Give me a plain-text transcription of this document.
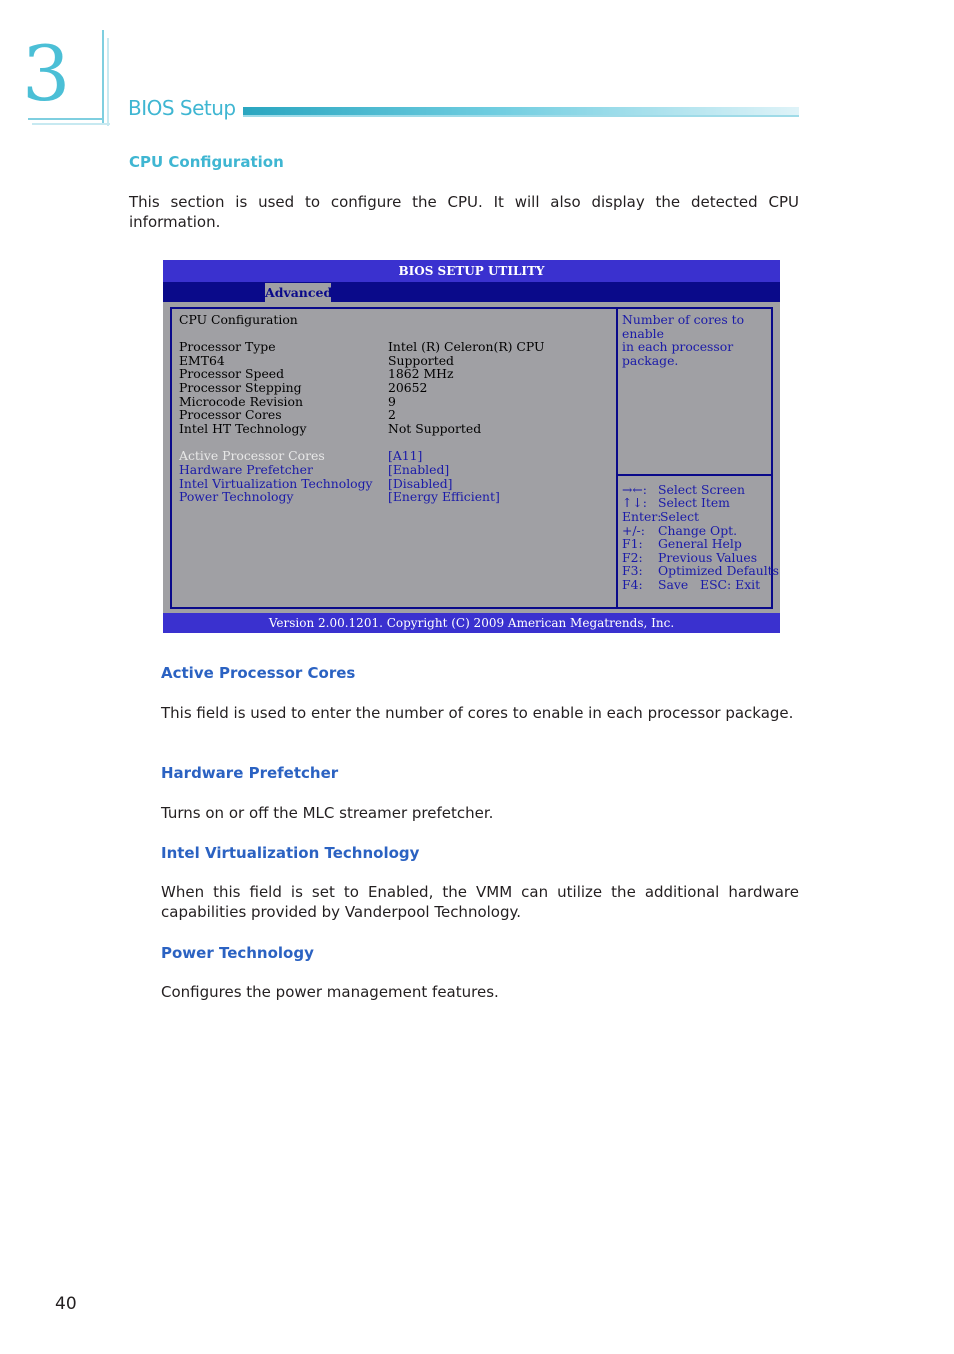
3	BIOS Setup
CPU Configuration
This section is used to configure the CPU. It will also display the detected CPU information.
BIOS SETUP UTILITY
Advanced
CPU Configuration
Processor Type	Intel (R) Celeron(R) CPU
EMT64	Supported
Processor Speed	1862 MHz
Processor Stepping	20652
Microcode Revision	9
Processor Cores	2
Intel HT Technology	Not Supported
Active Processor Cores	[A11]
Hardware Prefetcher	[Enabled]
Intel Virtualization Technology [Disabled]
Power Technology	[Energy Efficient]
Number of cores to enable
in each processor package.
→←: Select Screen
↑↓: Select Item
Enter:
Select
+/-: Change Opt.
F1: General Help
F2: Previous Values
F3: Optimized Defaults
F4: Save   ESC: Exit
Version 2.00.1201. Copyright (C) 2009 American Megatrends, Inc.
Active Processor Cores
This field is used to enter the number of cores to enable in each processor package.
Hardware Prefetcher
Turns on or off the MLC streamer prefetcher.
Intel Virtualization Technology
When this field is set to Enabled, the VMM can utilize the additional hardware capabilities provided by Vanderpool Technology.
Power Technology
Configures the power management features.
40
